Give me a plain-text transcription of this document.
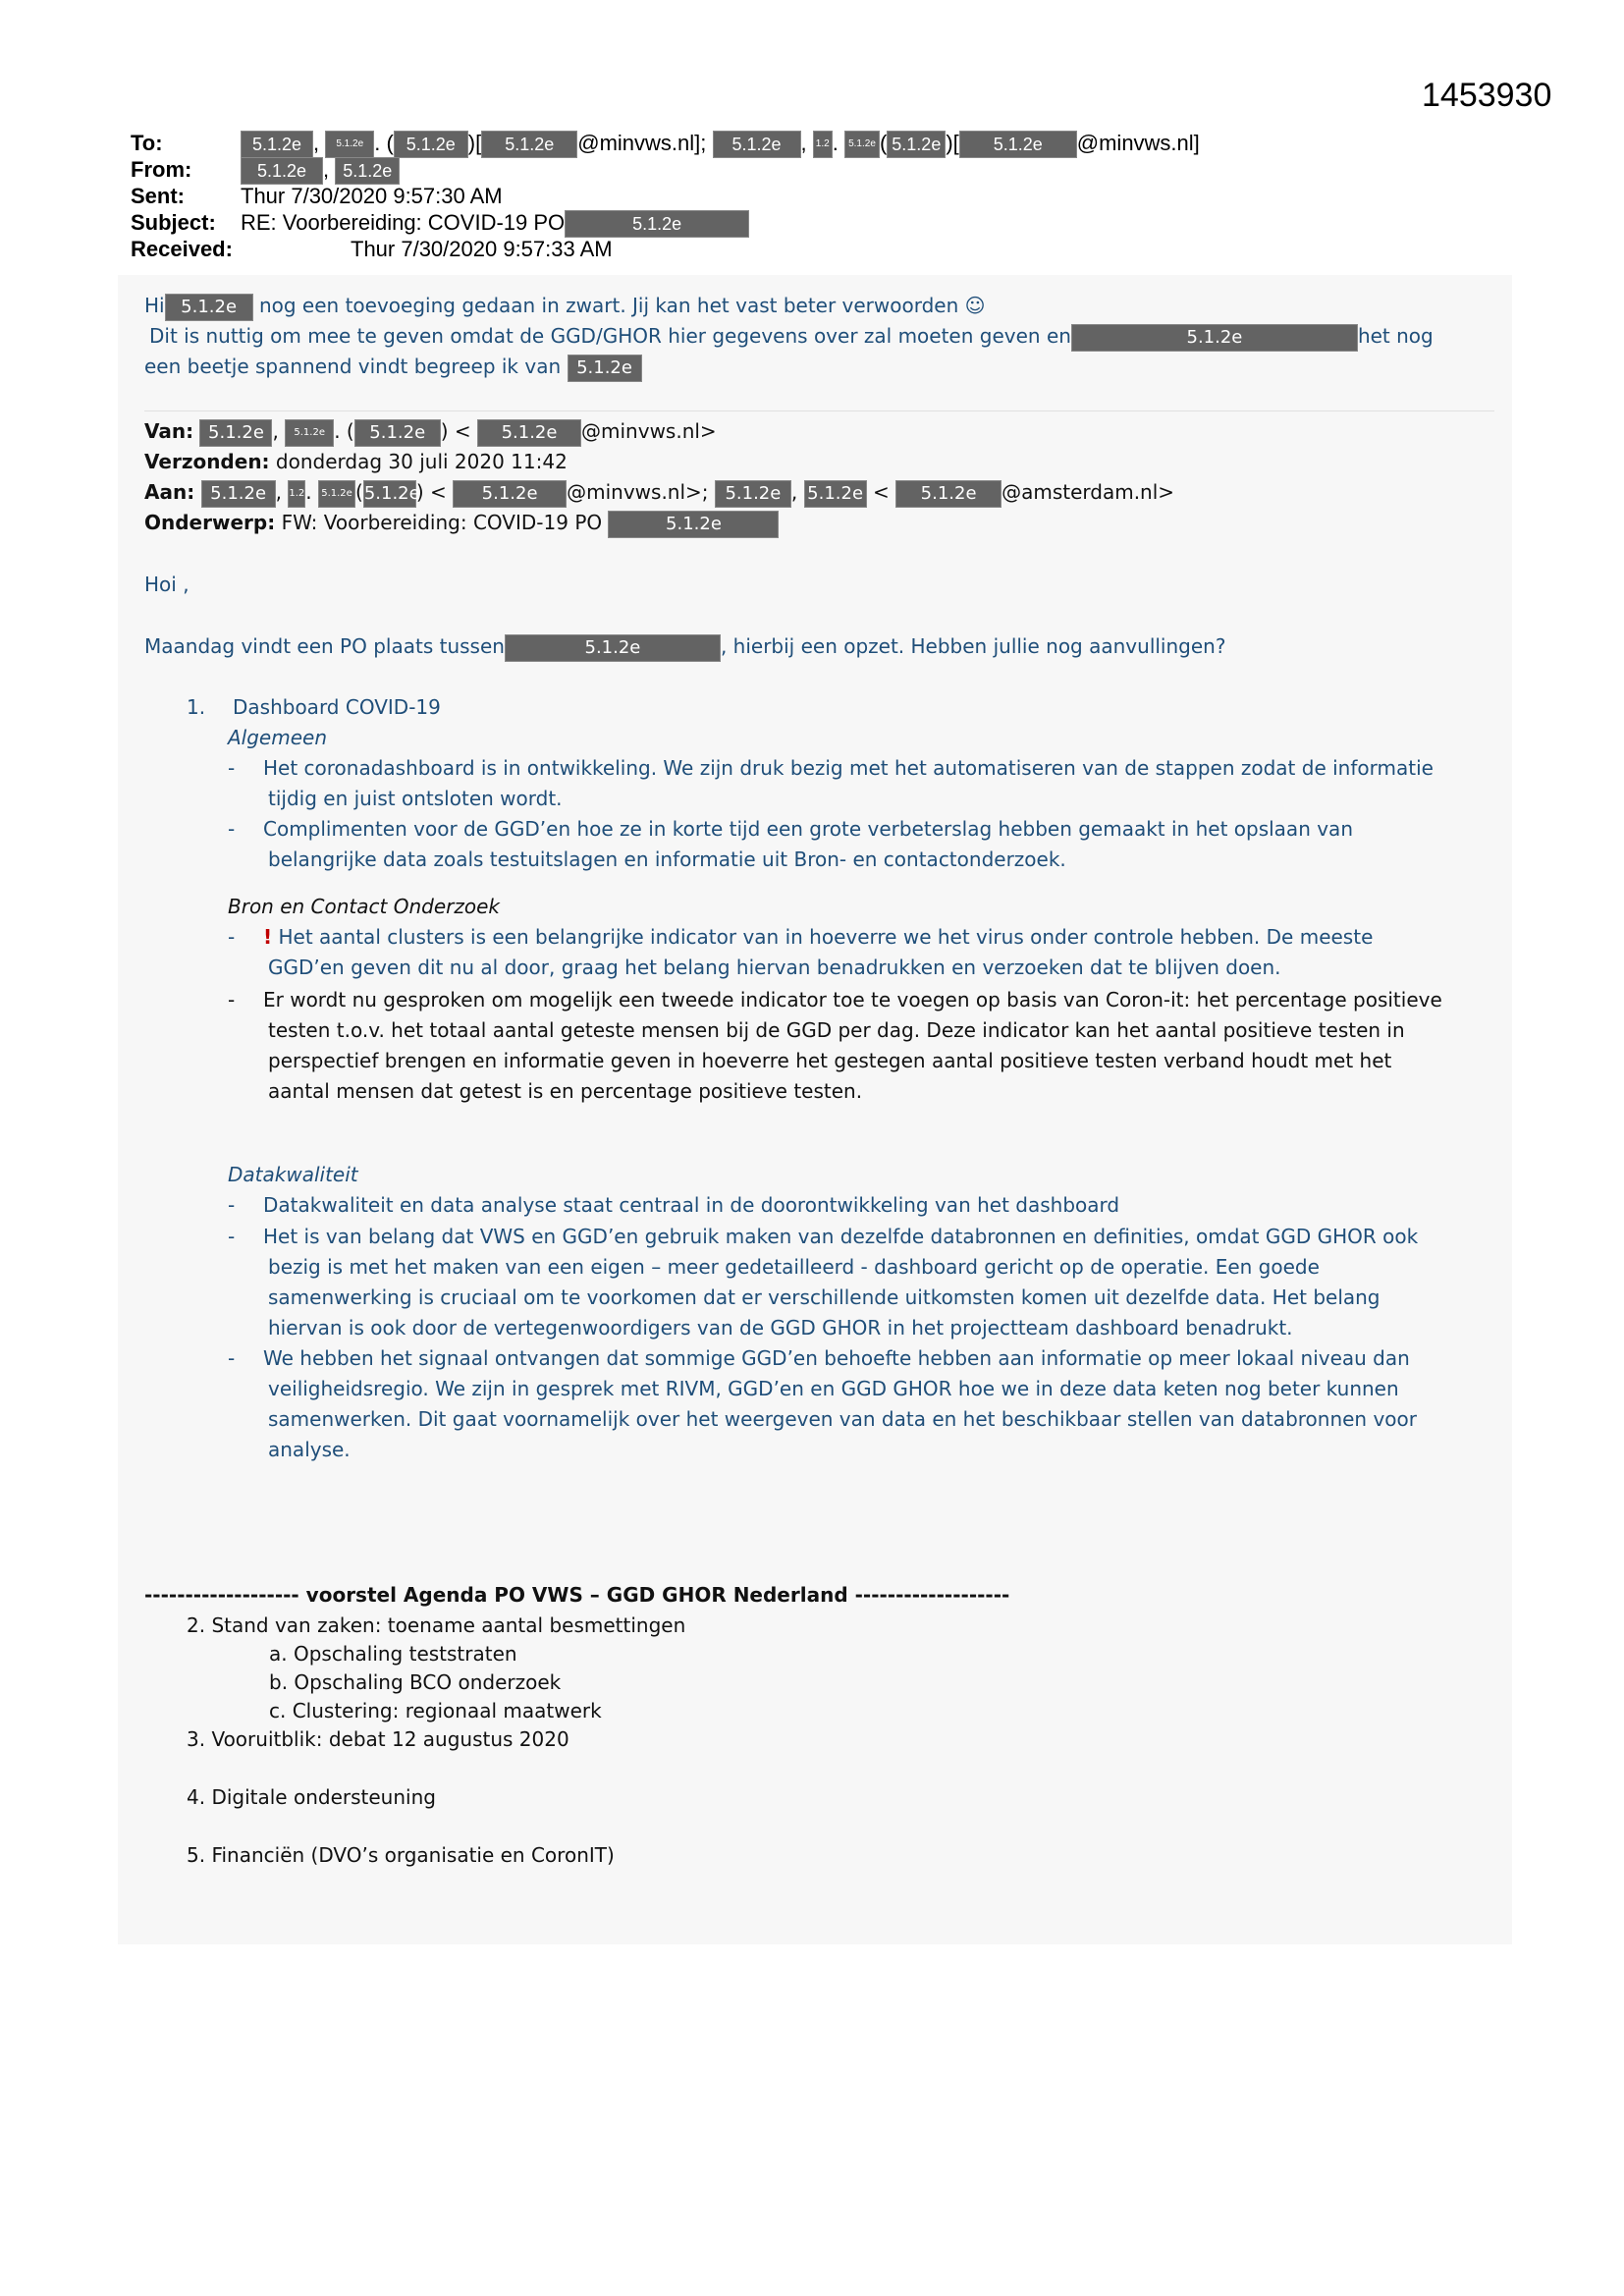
1453930
To:	5.1.2e , 5.1.2e . ( 5.1.2e )[ 5.1.2e @minvws.nl]; 5.1.2e , 1.2 . 5.1.2e ( 5.1.2e )[ 5.1.2e @minvws.nl]
From:	5.1.2e , 5.1.2e
Sent:	Thur 7/30/2020 9:57:30 AM
Subject: RE: Voorbereiding: COVID-19 PO	5.1.2e
Received:	Thur 7/30/2020 9:57:33 AM
Hi 5.1.2e nog een toevoeging gedaan in zwart. Jij kan het vast beter verwoorden ☺
Dit is nuttig om mee te geven omdat de GGD/GHOR hier gegevens over zal moeten geven en	5.1.2e	het nog
een beetje spannend vindt begreep ik van 5.1.2e
Van: 5.1.2e , 5.1.2e . ( 5.1.2e ) < 5.1.2e @minvws.nl>
Verzonden: donderdag 30 juli 2020 11:42
Aan: 5.1.2e , 1.2. 5.1.2e (5.1.2e) < 5.1.2e @minvws.nl>; 5.1.2e , 5.1.2e < 5.1.2e @amsterdam.nl>
Onderwerp: FW: Voorbereiding: COVID-19 PO	5.1.2e
Hoi ,
Maandag vindt een PO plaats tussen	5.1.2e	, hierbij een opzet. Hebben jullie nog aanvullingen?
1. Dashboard COVID-19
Algemeen
- Het coronadashboard is in ontwikkeling. We zijn druk bezig met het automatiseren van de stappen zodat de informatie
tijdig en juist ontsloten wordt.
- Complimenten voor de GGD’en hoe ze in korte tijd een grote verbeterslag hebben gemaakt in het opslaan van
belangrijke data zoals testuitslagen en informatie uit Bron- en contactonderzoek.
Bron en Contact Onderzoek
- ! Het aantal clusters is een belangrijke indicator van in hoeverre we het virus onder controle hebben. De meeste
GGD’en geven dit nu al door, graag het belang hiervan benadrukken en verzoeken dat te blijven doen.
- Er wordt nu gesproken om mogelijk een tweede indicator toe te voegen op basis van Coron-it: het percentage positieve
testen t.o.v. het totaal aantal geteste mensen bij de GGD per dag. Deze indicator kan het aantal positieve testen in
perspectief brengen en informatie geven in hoeverre het gestegen aantal positieve testen verband houdt met het
aantal mensen dat getest is en percentage positieve testen.
Datakwaliteit
- Datakwaliteit en data analyse staat centraal in de doorontwikkeling van het dashboard
- Het is van belang dat VWS en GGD’en gebruik maken van dezelfde databronnen en definities, omdat GGD GHOR ook
bezig is met het maken van een eigen – meer gedetailleerd - dashboard gericht op de operatie. Een goede
samenwerking is cruciaal om te voorkomen dat er verschillende uitkomsten komen uit dezelfde data. Het belang
hiervan is ook door de vertegenwoordigers van de GGD GHOR in het projectteam dashboard benadrukt.
- We hebben het signaal ontvangen dat sommige GGD’en behoefte hebben aan informatie op meer lokaal niveau dan
veiligheidsregio. We zijn in gesprek met RIVM, GGD’en en GGD GHOR hoe we in deze data keten nog beter kunnen
samenwerken. Dit gaat voornamelijk over het weergeven van data en het beschikbaar stellen van databronnen voor
analyse.
------------------- voorstel Agenda PO VWS – GGD GHOR Nederland -------------------
2. Stand van zaken: toename aantal besmettingen
a. Opschaling teststraten
b. Opschaling BCO onderzoek
c. Clustering: regionaal maatwerk
3. Vooruitblik: debat 12 augustus 2020
4. Digitale ondersteuning
5. Financiën (DVO’s organisatie en CoronIT)
